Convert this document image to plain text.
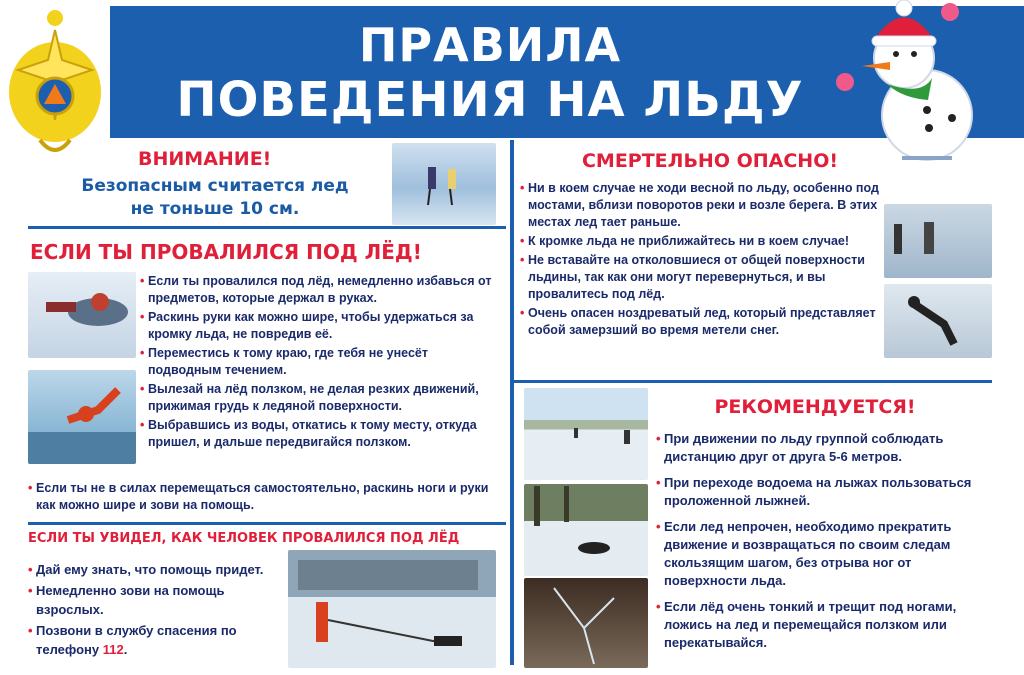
ПРАВИЛА
ПОВЕДЕНИЯ НА ЛЬДУ
ВНИМАНИЕ!
Безопасным считается лед
не тоньше 10 см.
ЕСЛИ ТЫ ПРОВАЛИЛСЯ ПОД ЛЁД!
• Если ты провалился под лёд, немедленно избавься от предметов, которые держал в руках.
• Раскинь руки как можно шире, чтобы удержаться за кромку льда, не повредив её.
• Переместись к тому краю, где тебя не унесёт подводным течением.
• Вылезай на лёд ползком, не делая резких движений, прижимая грудь к ледяной поверхности.
• Выбравшись из воды, откатись к тому месту, откуда пришел, и дальше передвигайся ползком.
• Если ты не в силах перемещаться самостоятельно, раскинь ноги и руки как можно шире и зови на помощь.
ЕСЛИ ТЫ УВИДЕЛ, КАК ЧЕЛОВЕК ПРОВАЛИЛСЯ ПОД ЛЁД
• Дай ему знать, что помощь придет.
• Немедленно зови на помощь взрослых.
• Позвони в службу спасения по телефону 112.
СМЕРТЕЛЬНО ОПАСНО!
• Ни в коем случае не ходи весной по льду, особенно под мостами, вблизи поворотов реки и возле берега. В этих местах лед тает раньше.
• К кромке льда не приближайтесь ни в коем случае!
• Не вставайте на отколовшиеся от общей поверхности льдины, так как они могут перевернуться, и вы провалитесь под лёд.
• Очень опасен ноздреватый лед, который представляет собой замерзший во время метели снег.
РЕКОМЕНДУЕТСЯ!
• При движении по льду группой соблюдать дистанцию друг от друга 5-6 метров.
• При переходе водоема на лыжах пользоваться проложенной лыжней.
• Если лед непрочен, необходимо прекратить движение и возвращаться по своим следам скользящим шагом, без отрыва ног от поверхности льда.
• Если лёд очень тонкий и трещит под ногами, ложись на лед и перемещайся ползком или перекатывайся.
